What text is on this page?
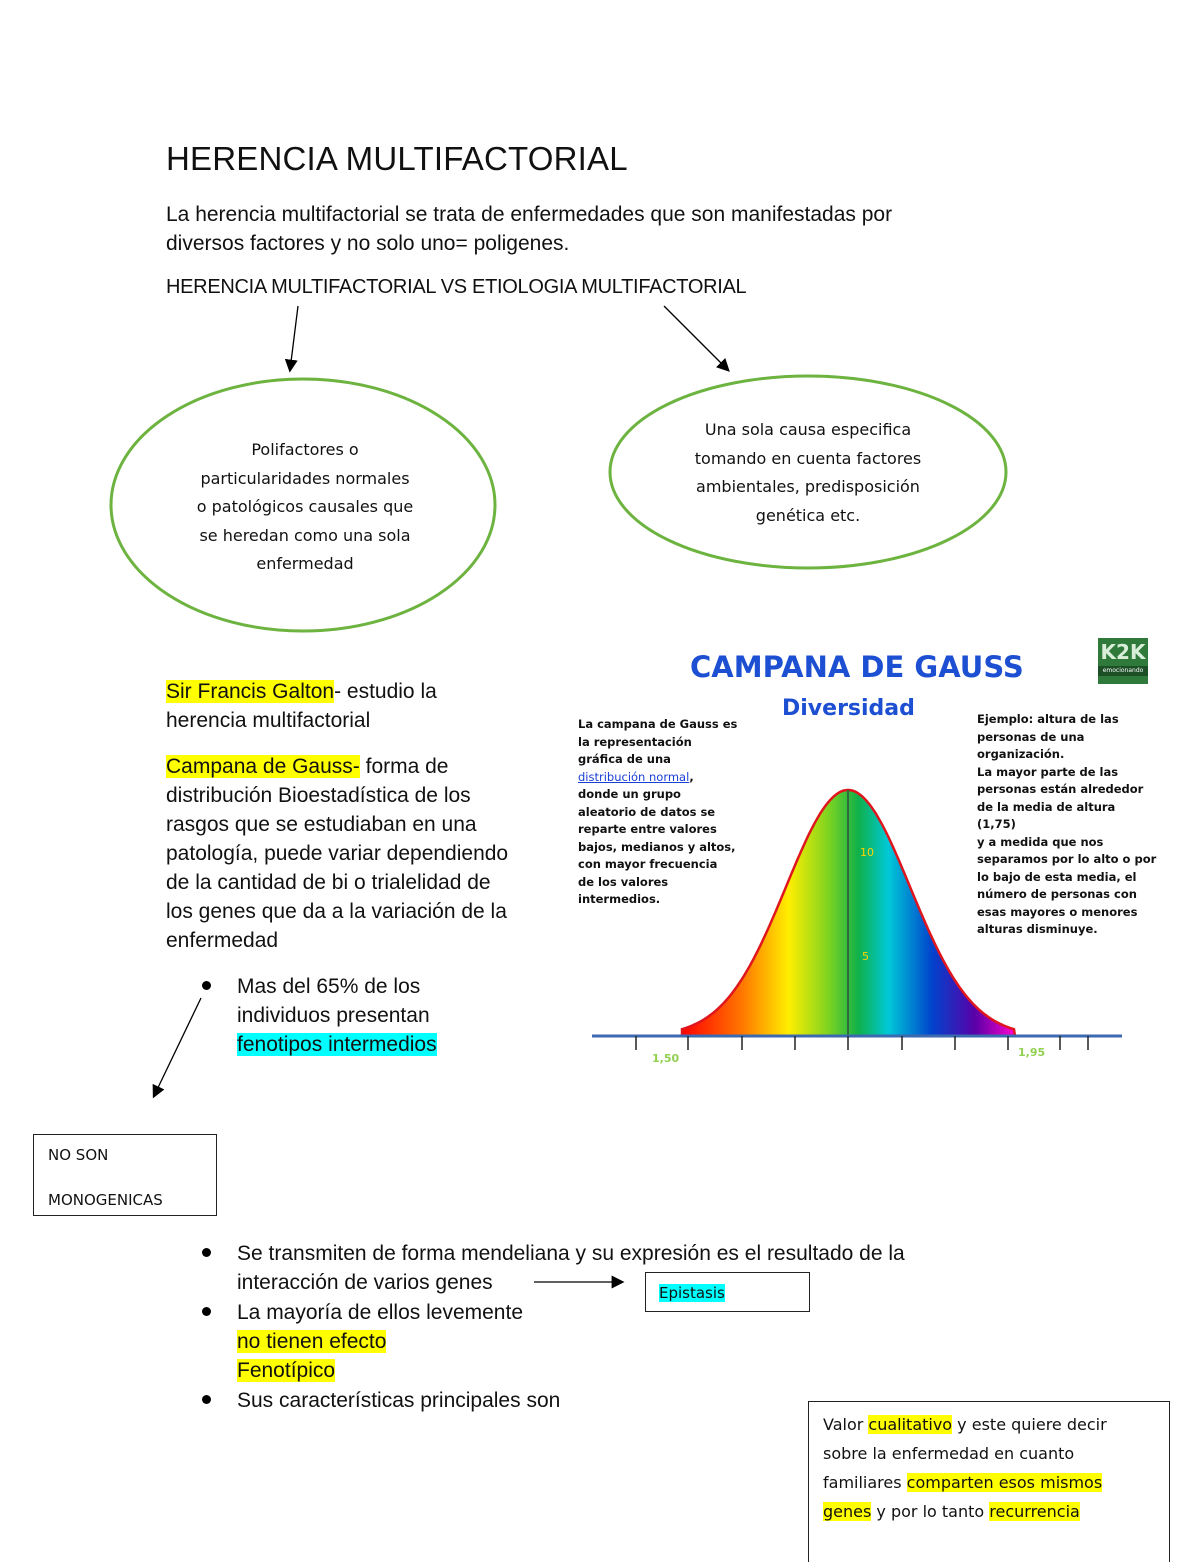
HERENCIA MULTIFACTORIAL
La herencia multifactorial se trata de enfermedades que son manifestadas por
diversos factores y no solo uno= poligenes.
HERENCIA MULTIFACTORIAL VS ETIOLOGIA MULTIFACTORIAL
Polifactores o
particularidades normales
o patológicos causales que
se heredan como una sola
enfermedad
Una sola causa especifica
tomando en cuenta factores
ambientales, predisposición
genética etc.
Sir Francis Galton- estudio la
herencia multifactorial
Campana de Gauss- forma de
distribución Bioestadística de los
rasgos que se estudiaban en una
patología, puede variar dependiendo
de la cantidad de bi o trialelidad de
los genes que da a la variación de la
enfermedad
Mas del 65% de los
individuos presentan
fenotipos intermedios
NO SON
MONOGENICAS
Se transmiten de forma mendeliana y su expresión es el resultado de la
interacción de varios genes	Epistasis
La mayoría de ellos levemente
no tienen efecto
Fenotípico
Sus características principales son
Valor cualitativo y este quiere decir
sobre la enfermedad en cuanto
familiares comparten esos mismos
genes y por lo tanto recurrencia
CAMPANA DE GAUSS
Diversidad
K2K
emocionando
La campana de Gauss es
la representación
gráfica de una
distribución normal,
donde un grupo
aleatorio de datos se
reparte entre valores
bajos, medianos y altos,
con mayor frecuencia
de los valores
intermedios.
Ejemplo: altura de las
personas de una
organización.
La mayor parte de las
personas están alrededor
de la media de altura (1,75)
y a medida que nos
separamos por lo alto o por
lo bajo de esta media, el
número de personas con
esas mayores o menores
alturas disminuye.
10
5
1,50	1,95
